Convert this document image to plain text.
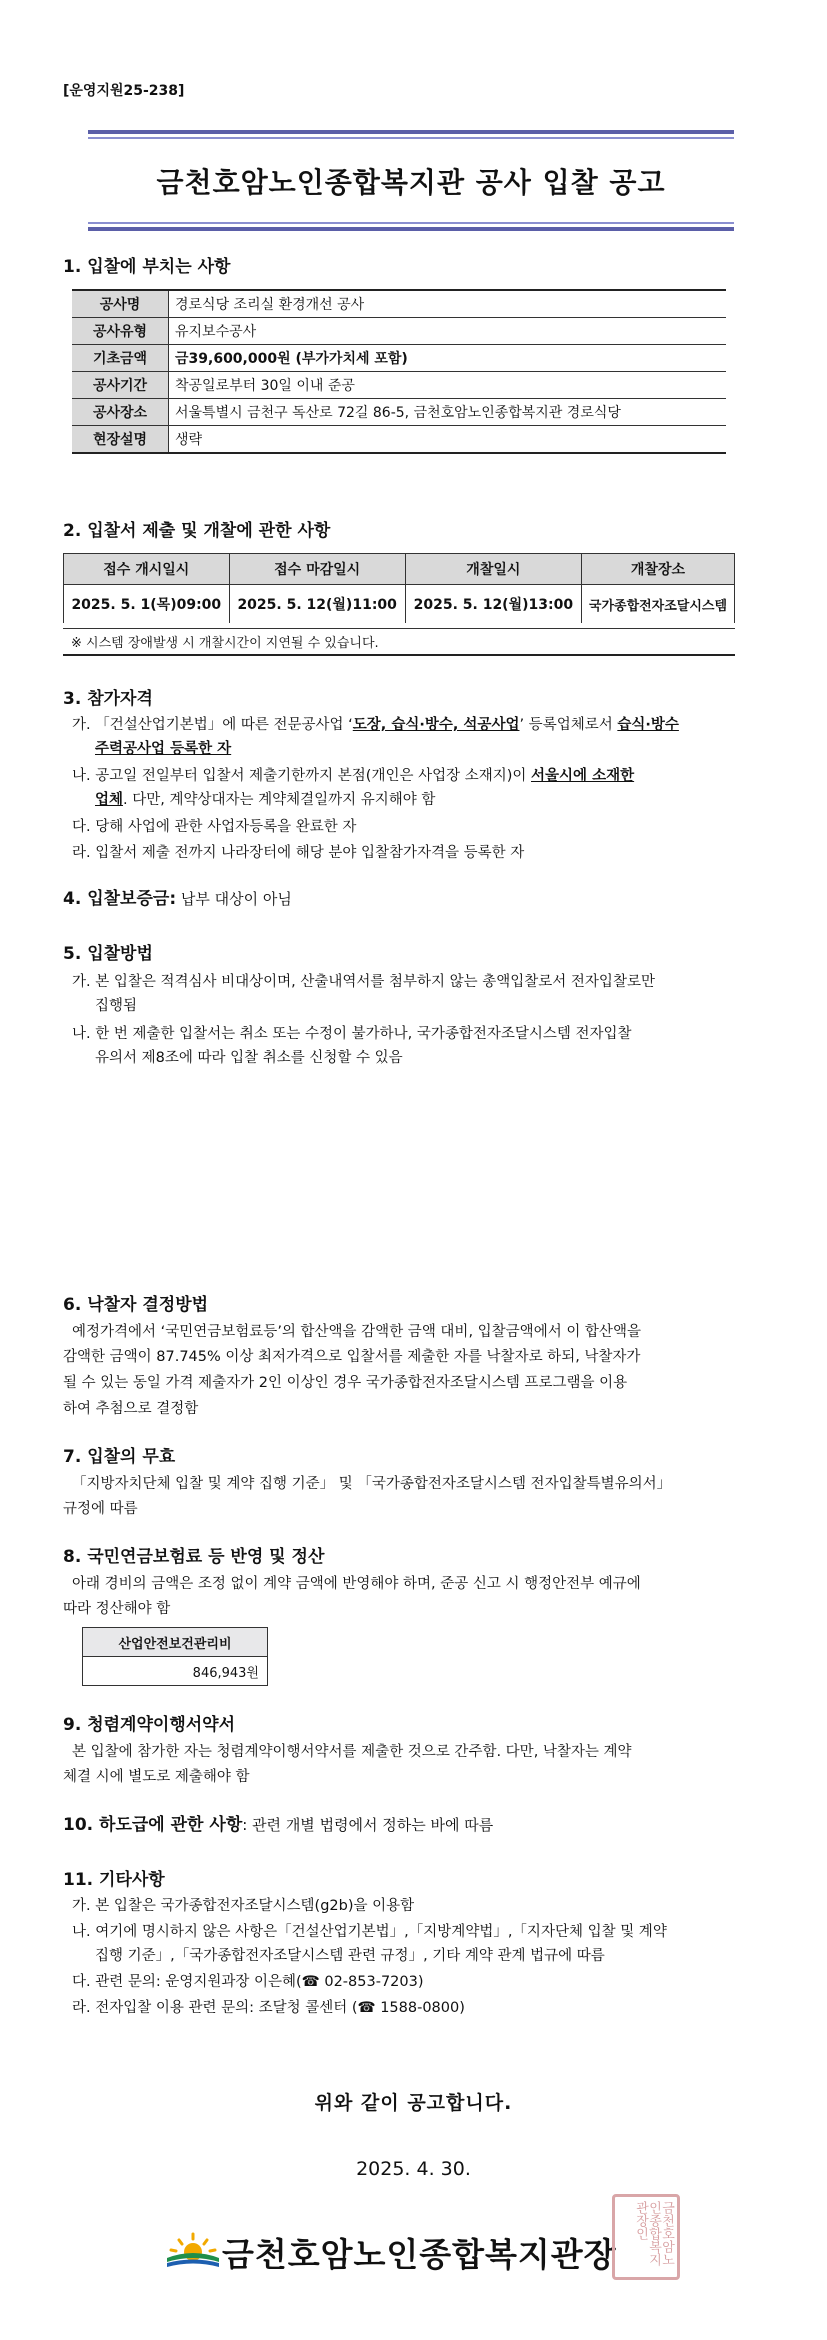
[운영지원25-238]
금천호암노인종합복지관 공사 입찰 공고
1. 입찰에 부치는 사항
공사명	경로식당 조리실 환경개선 공사
공사유형	유지보수공사
기초금액	금39,600,000원 (부가가치세 포함)
공사기간	착공일로부터 30일 이내 준공
공사장소	서울특별시 금천구 독산로 72길 86-5, 금천호암노인종합복지관 경로식당
현장설명	생략
2. 입찰서 제출 및 개찰에 관한 사항
접수 개시일시	접수 마감일시	개찰일시	개찰장소
2025. 5. 1(목)09:00	2025. 5. 12(월)11:00	2025. 5. 12(월)13:00	국가종합전자조달시스템
※ 시스템 장애발생 시 개찰시간이 지연될 수 있습니다.
3. 참가자격
가. 「건설산업기본법」에 따른 전문공사업 ‘도장, 습식·방수, 석공사업’ 등록업체로서 습식·방수
주력공사업 등록한 자
나. 공고일 전일부터 입찰서 제출기한까지 본점(개인은 사업장 소재지)이 서울시에 소재한
업체. 다만, 계약상대자는 계약체결일까지 유지해야 함
다. 당해 사업에 관한 사업자등록을 완료한 자
라. 입찰서 제출 전까지 나라장터에 해당 분야 입찰참가자격을 등록한 자
4. 입찰보증금: 납부 대상이 아님
5. 입찰방법
가. 본 입찰은 적격심사 비대상이며, 산출내역서를 첨부하지 않는 총액입찰로서 전자입찰로만
집행됨
나. 한 번 제출한 입찰서는 취소 또는 수정이 불가하나, 국가종합전자조달시스템 전자입찰
유의서 제8조에 따라 입찰 취소를 신청할 수 있음
6. 낙찰자 결정방법
예정가격에서 ‘국민연금보험료등’의 합산액을 감액한 금액 대비, 입찰금액에서 이 합산액을
감액한 금액이 87.745% 이상 최저가격으로 입찰서를 제출한 자를 낙찰자로 하되, 낙찰자가
될 수 있는 동일 가격 제출자가 2인 이상인 경우 국가종합전자조달시스템 프로그램을 이용
하여 추첨으로 결정함
7. 입찰의 무효
「지방자치단체 입찰 및 계약 집행 기준」 및 「국가종합전자조달시스템 전자입찰특별유의서」
규정에 따름
8. 국민연금보험료 등 반영 및 정산
아래 경비의 금액은 조정 없이 계약 금액에 반영해야 하며, 준공 신고 시 행정안전부 예규에
따라 정산해야 함
산업안전보건관리비
846,943원
9. 청렴계약이행서약서
본 입찰에 참가한 자는 청렴계약이행서약서를 제출한 것으로 간주함. 다만, 낙찰자는 계약
체결 시에 별도로 제출해야 함
10. 하도급에 관한 사항: 관련 개별 법령에서 정하는 바에 따름
11. 기타사항
가. 본 입찰은 국가종합전자조달시스템(g2b)을 이용함
나. 여기에 명시하지 않은 사항은「건설산업기본법」,「지방계약법」,「지자단체 입찰 및 계약
집행 기준」,「국가종합전자조달시스템 관련 규정」, 기타 계약 관계 법규에 따름
다. 관련 문의: 운영지원과장 이은혜(☎ 02-853-7203)
라. 전자입찰 이용 관련 문의: 조달청 콜센터 (☎ 1588-0800)
위와 같이 공고합니다.
2025. 4. 30.
금천호암노인종합복지관장	금천호암노인종합복지관장인
